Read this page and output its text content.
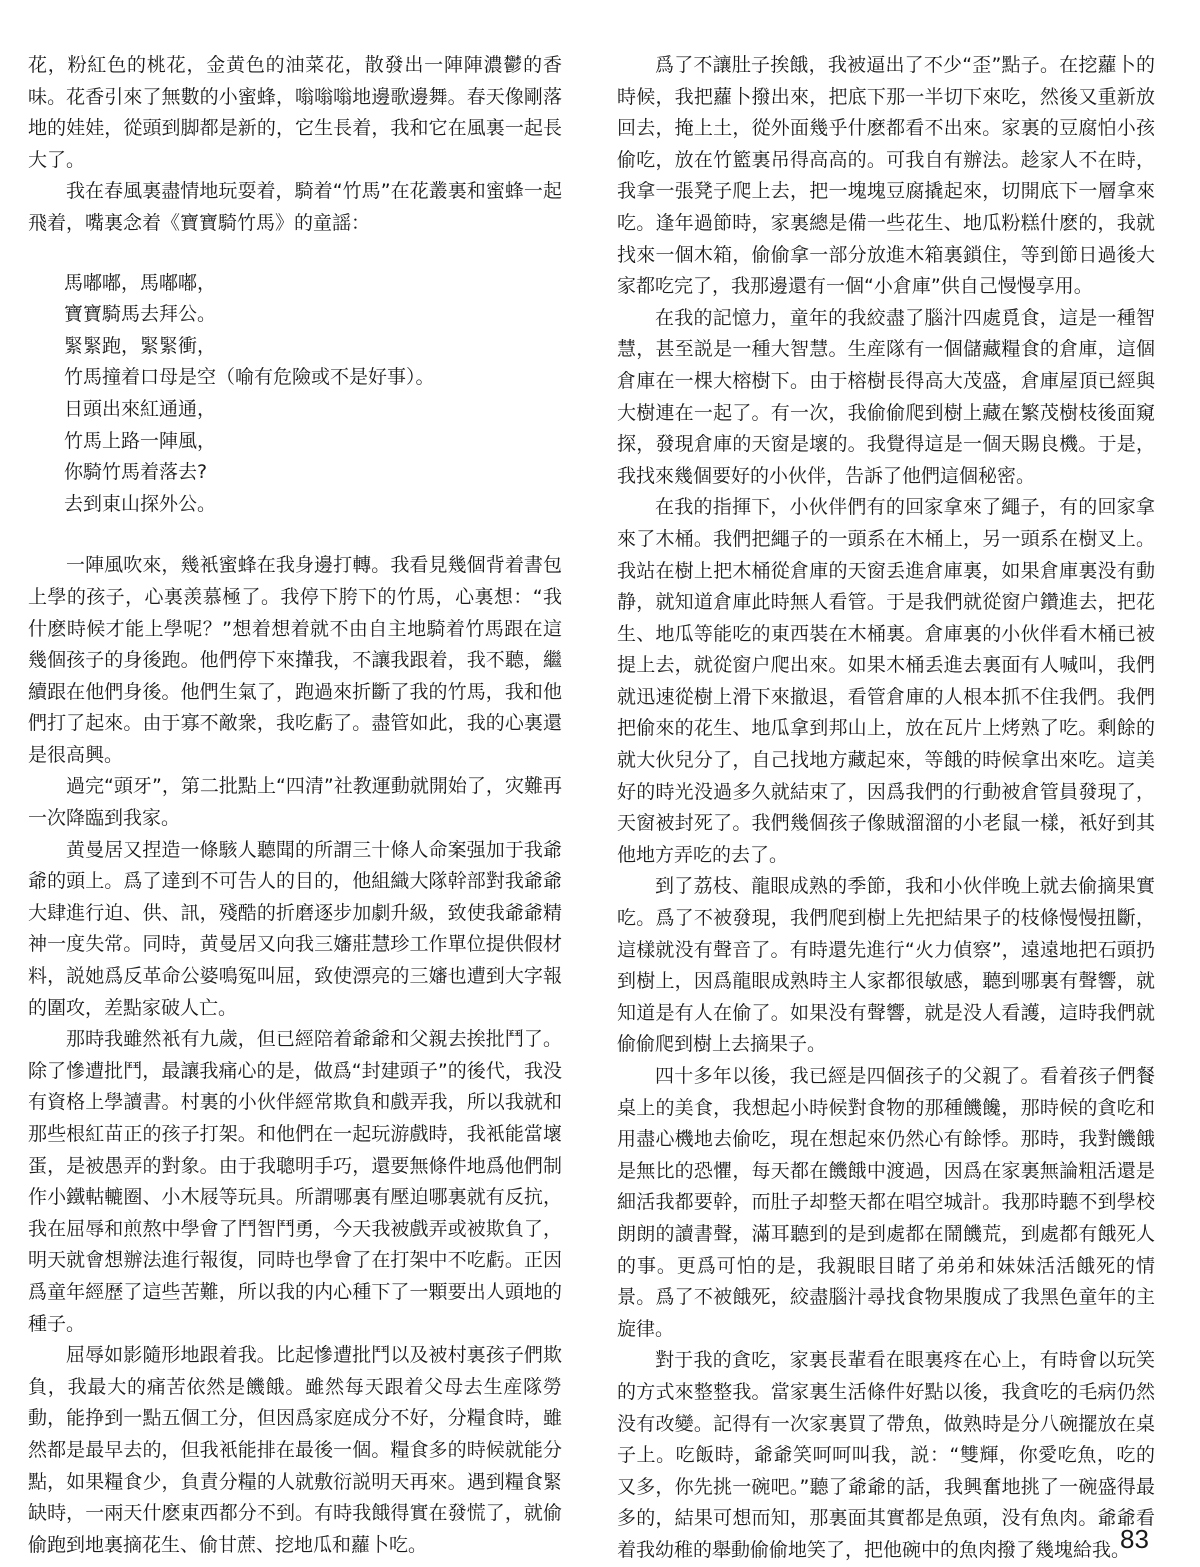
花，粉紅色的桃花，金黄色的油菜花，散發出一陣陣濃鬱的香味。花香引來了無數的小蜜蜂，嗡嗡嗡地邊歌邊舞。春天像剛落地的娃娃，從頭到脚都是新的，它生長着，我和它在風裏一起長大了。

我在春風裏盡情地玩耍着，騎着“竹馬”在花叢裏和蜜蜂一起飛着，嘴裏念着《寶寶騎竹馬》的童謡：

馬嘟嘟，馬嘟嘟，
寶寶騎馬去拜公。
緊緊跑，緊緊衝，
竹馬撞着口母是空（喻有危險或不是好事）。
日頭出來紅通通，
竹馬上路一陣風，
你騎竹馬着落去?
去到東山探外公。

一陣風吹來，幾衹蜜蜂在我身邊打轉。我看見幾個背着書包上學的孩子，心裏羡慕極了。我停下胯下的竹馬，心裏想：“我什麽時候才能上學呢？”想着想着就不由自主地騎着竹馬跟在這幾個孩子的身後跑。他們停下來攆我，不讓我跟着，我不聽，繼續跟在他們身後。他們生氣了，跑過來折斷了我的竹馬，我和他們打了起來。由于寡不敵衆，我吃虧了。盡管如此，我的心裏還是很高興。

過完“頭牙”，第二批點上“四清”社教運動就開始了，灾難再一次降臨到我家。

黄曼居又捏造一條駭人聽聞的所謂三十條人命案强加于我爺爺的頭上。爲了達到不可告人的目的，他組織大隊幹部對我爺爺大肆進行迫、供、訊，殘酷的折磨逐步加劇升級，致使我爺爺精神一度失常。同時，黄曼居又向我三嬸莊慧珍工作單位提供假材料，説她爲反革命公婆鳴冤叫屈，致使漂亮的三嬸也遭到大字報的圍攻，差點家破人亡。

那時我雖然衹有九歲，但已經陪着爺爺和父親去挨批鬥了。除了慘遭批鬥，最讓我痛心的是，做爲“封建頭子”的後代，我没有資格上學讀書。村裏的小伙伴經常欺負和戲弄我，所以我就和那些根紅苗正的孩子打架。和他們在一起玩游戲時，我衹能當壞蛋，是被愚弄的對象。由于我聰明手巧，還要無條件地爲他們制作小鐵軲轆圈、小木屐等玩具。所謂哪裏有壓迫哪裏就有反抗，我在屈辱和煎熬中學會了鬥智鬥勇，今天我被戲弄或被欺負了，明天就會想辦法進行報復，同時也學會了在打架中不吃虧。正因爲童年經歷了這些苦難，所以我的内心種下了一顆要出人頭地的種子。

屈辱如影隨形地跟着我。比起慘遭批鬥以及被村裏孩子們欺負，我最大的痛苦依然是饑餓。雖然每天跟着父母去生産隊勞動，能挣到一點五個工分，但因爲家庭成分不好，分糧食時，雖然都是最早去的，但我衹能排在最後一個。糧食多的時候就能分點，如果糧食少，負責分糧的人就敷衍説明天再來。遇到糧食緊缺時，一兩天什麽東西都分不到。有時我餓得實在發慌了，就偷偷跑到地裏摘花生、偷甘蔗、挖地瓜和蘿卜吃。

爲了不讓肚子挨餓，我被逼出了不少“歪”點子。在挖蘿卜的時候，我把蘿卜撥出來，把底下那一半切下來吃，然後又重新放回去，掩上土，從外面幾乎什麽都看不出來。家裏的豆腐怕小孩偷吃，放在竹籃裏吊得高高的。可我自有辦法。趁家人不在時，我拿一張凳子爬上去，把一塊塊豆腐撬起來，切開底下一層拿來吃。逢年過節時，家裏總是備一些花生、地瓜粉糕什麽的，我就找來一個木箱，偷偷拿一部分放進木箱裏鎖住，等到節日過後大家都吃完了，我那邊還有一個“小倉庫”供自己慢慢享用。

在我的記憶力，童年的我絞盡了腦汁四處覓食，這是一種智慧，甚至説是一種大智慧。生産隊有一個儲藏糧食的倉庫，這個倉庫在一棵大榕樹下。由于榕樹長得高大茂盛，倉庫屋頂已經與大樹連在一起了。有一次，我偷偷爬到樹上藏在繁茂樹枝後面窺探，發現倉庫的天窗是壞的。我覺得這是一個天賜良機。于是，我找來幾個要好的小伙伴，告訴了他們這個秘密。

在我的指揮下，小伙伴們有的回家拿來了繩子，有的回家拿來了木桶。我們把繩子的一頭系在木桶上，另一頭系在樹叉上。我站在樹上把木桶從倉庫的天窗丢進倉庫裏，如果倉庫裏没有動静，就知道倉庫此時無人看管。于是我們就從窗户鑽進去，把花生、地瓜等能吃的東西裝在木桶裏。倉庫裏的小伙伴看木桶已被提上去，就從窗户爬出來。如果木桶丢進去裏面有人喊叫，我們就迅速從樹上滑下來撤退，看管倉庫的人根本抓不住我們。我們把偷來的花生、地瓜拿到邦山上，放在瓦片上烤熟了吃。剩餘的就大伙兒分了，自己找地方藏起來，等餓的時候拿出來吃。這美好的時光没過多久就結束了，因爲我們的行動被倉管員發現了，天窗被封死了。我們幾個孩子像賊溜溜的小老鼠一樣，衹好到其他地方弄吃的去了。

到了荔枝、龍眼成熟的季節，我和小伙伴晚上就去偷摘果實吃。爲了不被發現，我們爬到樹上先把結果子的枝條慢慢扭斷，這樣就没有聲音了。有時還先進行“火力偵察”，遠遠地把石頭扔到樹上，因爲龍眼成熟時主人家都很敏感，聽到哪裏有聲響，就知道是有人在偷了。如果没有聲響，就是没人看護，這時我們就偷偷爬到樹上去摘果子。

四十多年以後，我已經是四個孩子的父親了。看着孩子們餐桌上的美食，我想起小時候對食物的那種饑饞，那時候的貪吃和用盡心機地去偷吃，現在想起來仍然心有餘悸。那時，我對饑餓是無比的恐懼，每天都在饑餓中渡過，因爲在家裏無論粗活還是細活我都要幹，而肚子却整天都在唱空城計。我那時聽不到學校朗朗的讀書聲，滿耳聽到的是到處都在鬧饑荒，到處都有餓死人的事。更爲可怕的是，我親眼目睹了弟弟和妹妹活活餓死的情景。爲了不被餓死，絞盡腦汁尋找食物果腹成了我黑色童年的主旋律。

對于我的貪吃，家裏長輩看在眼裏疼在心上，有時會以玩笑的方式來整整我。當家裏生活條件好點以後，我貪吃的毛病仍然没有改變。記得有一次家裏買了帶魚，做熟時是分八碗擺放在桌子上。吃飯時，爺爺笑呵呵叫我，説：“雙輝，你愛吃魚，吃的又多，你先挑一碗吧。”聽了爺爺的話，我興奮地挑了一碗盛得最多的，結果可想而知，那裏面其實都是魚頭，没有魚肉。爺爺看着我幼稚的舉動偷偷地笑了，把他碗中的魚肉撥了幾塊給我。

83
